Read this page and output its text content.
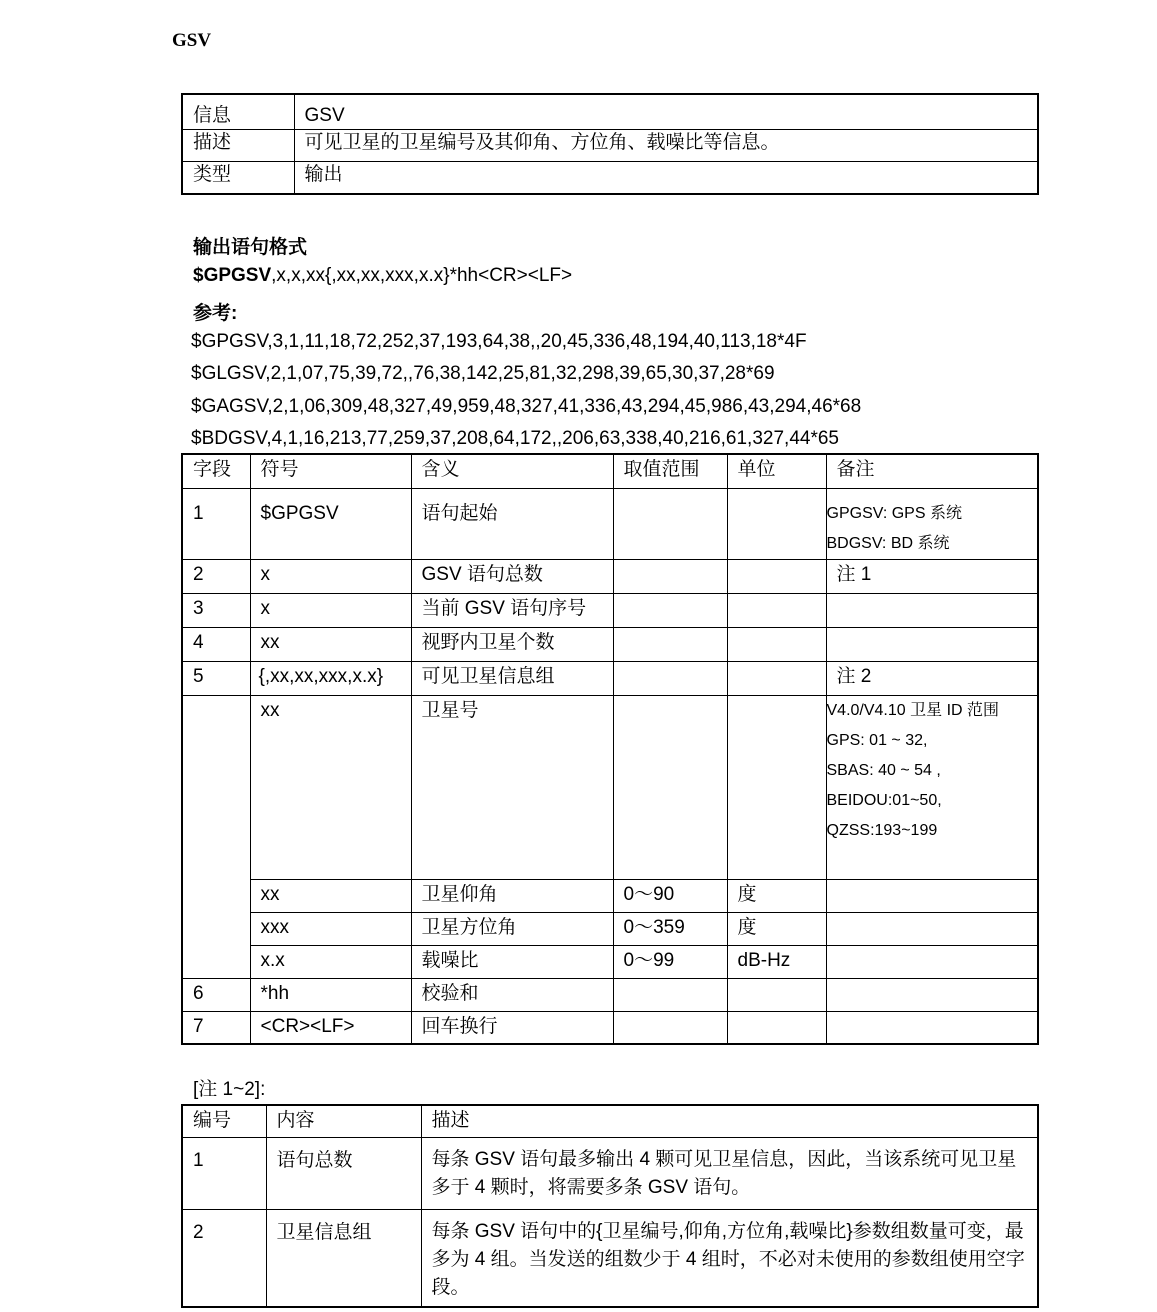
GSV
信息	GSV
描述	可见卫星的卫星编号及其仰角、方位角、载噪比等信息。
类型	输出
输出语句格式
$GPGSV,x,x,xx{,xx,xx,xxx,x.x}*hh<CR><LF>
参考:
$GPGSV,3,1,11,18,72,252,37,193,64,38,,20,45,336,48,194,40,113,18*4F
$GLGSV,2,1,07,75,39,72,,76,38,142,25,81,32,298,39,65,30,37,28*69
$GAGSV,2,1,06,309,48,327,49,959,48,327,41,336,43,294,45,986,43,294,46*68
$BDGSV,4,1,16,213,77,259,37,208,64,172,,206,63,338,40,216,61,327,44*65
字段	符号	含义	取值范围	单位	备注
1	$GPGSV	语句起始			GPGSV: GPS 系统
BDGSV: BD 系统

2	x	GSV 语句总数			注 1
3	x	当前 GSV 语句序号			
4	xx	视野内卫星个数			
5	{,xx,xx,xxx,x.x}	可见卫星信息组			注 2
	xx	卫星号			V4.0/V4.10 卫星 ID 范围
GPS: 01 ~ 32,
SBAS: 40 ~ 54 ,
BEIDOU:01~50,
QZSS:193~199

	xx	卫星仰角	0～90	度	
	xxx	卫星方位角	0～359	度	
	x.x	载噪比	0～99	dB-Hz	
6	*hh	校验和			
7	<CR><LF>	回车换行			
[注 1~2]:
编号	内容	描述
1	语句总数	每条 GSV 语句最多输出 4 颗可见卫星信息，因此，当该系统可见卫星多于 4 颗时，将需要多条 GSV 语句。
2	卫星信息组	每条 GSV 语句中的{卫星编号,仰角,方位角,载噪比}参数组数量可变，最多为 4 组。当发送的组数少于 4 组时，不必对未使用的参数组使用空字段。
